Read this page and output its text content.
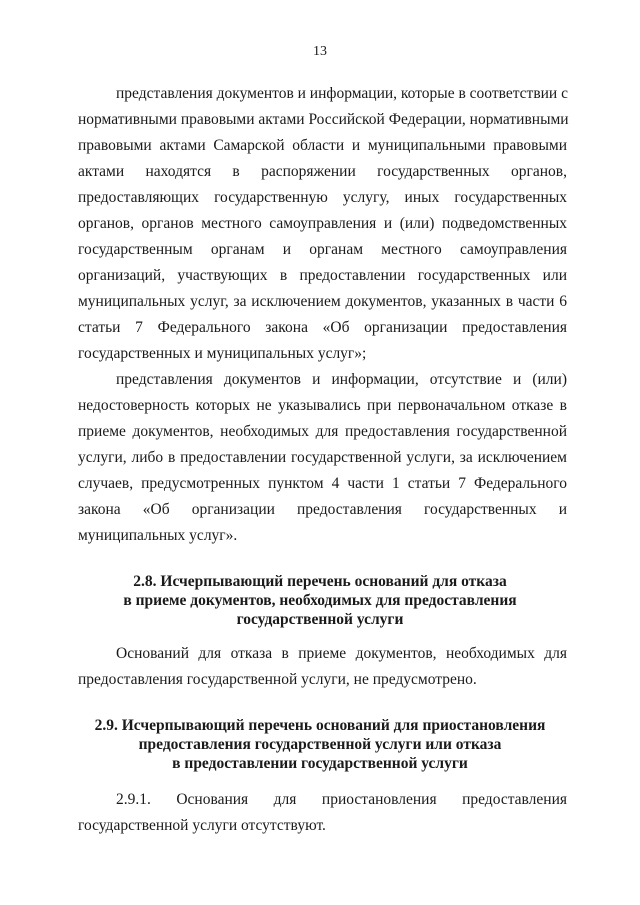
13
представления документов и информации, которые в соответствии с
нормативными правовыми актами Российской Федерации, нормативными
правовыми актами Самарской области и муниципальными правовыми
актами находятся в распоряжении государственных органов,
предоставляющих государственную услугу, иных государственных
органов, органов местного самоуправления и (или) подведомственных
государственным органам и органам местного самоуправления
организаций, участвующих в предоставлении государственных или
муниципальных услуг, за исключением документов, указанных в части 6
статьи 7 Федерального закона «Об организации предоставления
государственных и муниципальных услуг»;
представления документов и информации, отсутствие и (или)
недостоверность которых не указывались при первоначальном отказе в
приеме документов, необходимых для предоставления государственной
услуги, либо в предоставлении государственной услуги, за исключением
случаев, предусмотренных пунктом 4 части 1 статьи 7 Федерального
закона «Об организации предоставления государственных и
муниципальных услуг».
2.8. Исчерпывающий перечень оснований для отказа
в приеме документов, необходимых для предоставления
государственной услуги
Оснований для отказа в приеме документов, необходимых для
предоставления государственной услуги, не предусмотрено.
2.9. Исчерпывающий перечень оснований для приостановления
предоставления государственной услуги или отказа
в предоставлении государственной услуги
2.9.1. Основания для приостановления предоставления
государственной услуги отсутствуют.
